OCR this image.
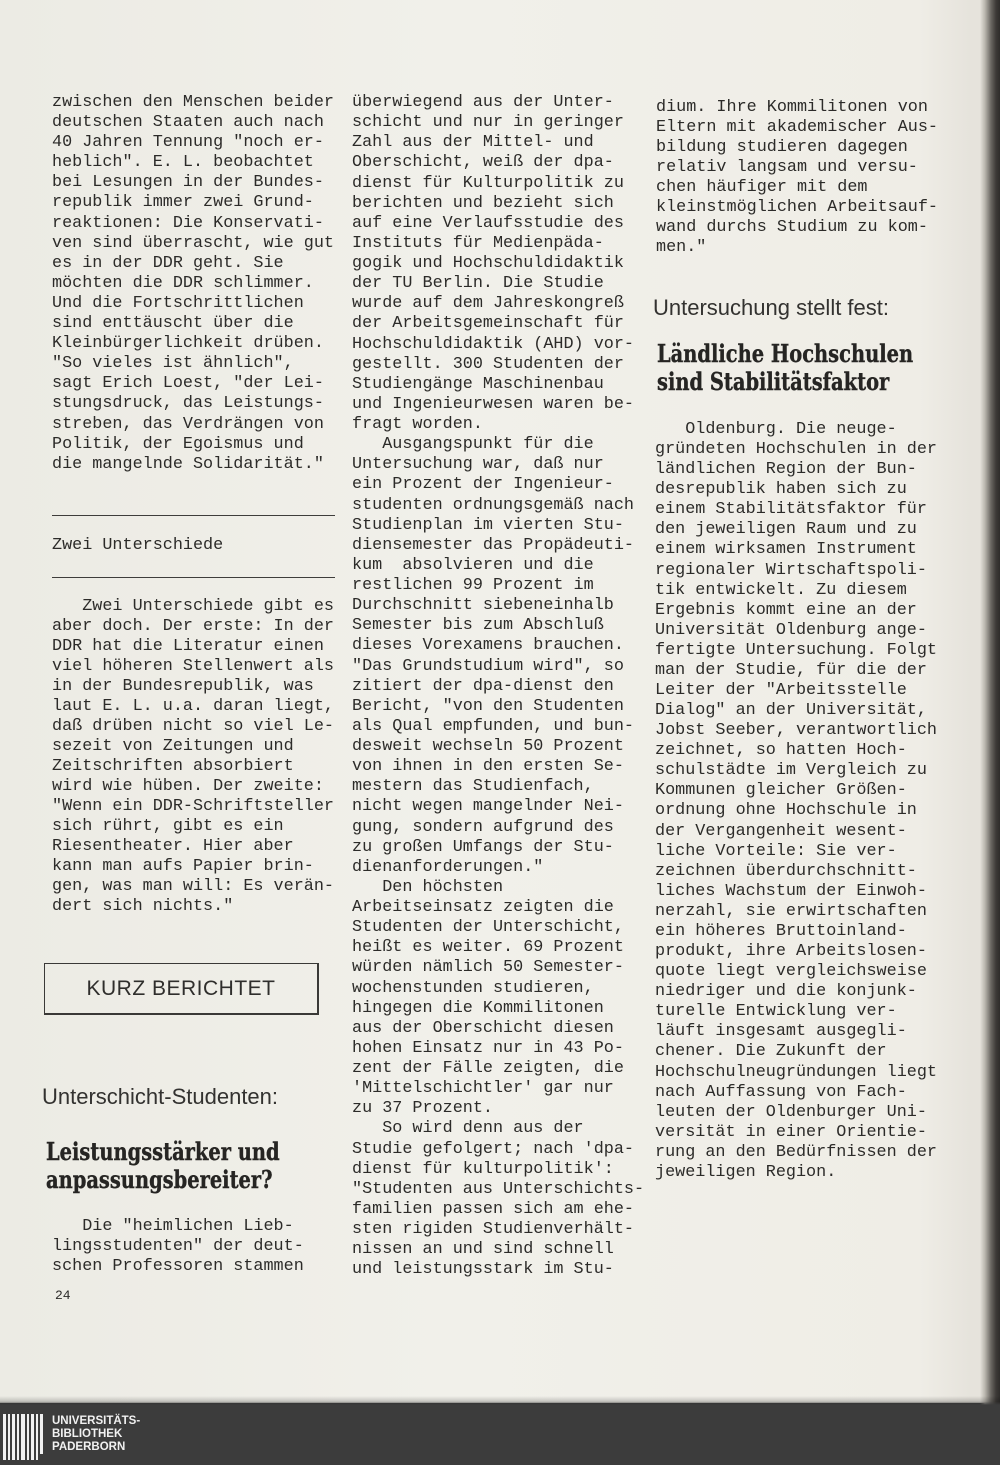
zwischen den Menschen beider
deutschen Staaten auch nach
40 Jahren Tennung "noch er-
heblich". E. L. beobachtet
bei Lesungen in der Bundes-
republik immer zwei Grund-
reaktionen: Die Konservati-
ven sind überrascht, wie gut
es in der DDR geht. Sie
möchten die DDR schlimmer.
Und die Fortschrittlichen
sind enttäuscht über die
Kleinbürgerlichkeit drüben.
"So vieles ist ähnlich",
sagt Erich Loest, "der Lei-
stungsdruck, das Leistungs-
streben, das Verdrängen von
Politik, der Egoismus und
die mangelnde Solidarität."
Zwei Unterschiede
Zwei Unterschiede gibt es
aber doch. Der erste: In der
DDR hat die Literatur einen
viel höheren Stellenwert als
in der Bundesrepublik, was
laut E. L. u.a. daran liegt,
daß drüben nicht so viel Le-
sezeit von Zeitungen und
Zeitschriften absorbiert
wird wie hüben. Der zweite:
"Wenn ein DDR-Schriftsteller
sich rührt, gibt es ein
Riesentheater. Hier aber
kann man aufs Papier brin-
gen, was man will: Es verän-
dert sich nichts."
KURZ BERICHTET
Unterschicht-Studenten:
Leistungsstärker und
anpassungsbereiter?
Die "heimlichen Lieb-
lingsstudenten" der deut-
schen Professoren stammen
24
überwiegend aus der Unter-
schicht und nur in geringer
Zahl aus der Mittel- und
Oberschicht, weiß der dpa-
dienst für Kulturpolitik zu
berichten und bezieht sich
auf eine Verlaufsstudie des
Instituts für Medienpäda-
gogik und Hochschuldidaktik
der TU Berlin. Die Studie
wurde auf dem Jahreskongreß
der Arbeitsgemeinschaft für
Hochschuldidaktik (AHD) vor-
gestellt. 300 Studenten der
Studiengänge Maschinenbau
und Ingenieurwesen waren be-
fragt worden.
Ausgangspunkt für die
Untersuchung war, daß nur
ein Prozent der Ingenieur-
studenten ordnungsgemäß nach
Studienplan im vierten Stu-
diensemester das Propädeuti-
kum  absolvieren und die
restlichen 99 Prozent im
Durchschnitt siebeneinhalb
Semester bis zum Abschluß
dieses Vorexamens brauchen.
"Das Grundstudium wird", so
zitiert der dpa-dienst den
Bericht, "von den Studenten
als Qual empfunden, und bun-
desweit wechseln 50 Prozent
von ihnen in den ersten Se-
mestern das Studienfach,
nicht wegen mangelnder Nei-
gung, sondern aufgrund des
zu großen Umfangs der Stu-
dienanforderungen."
Den höchsten
Arbeitseinsatz zeigten die
Studenten der Unterschicht,
heißt es weiter. 69 Prozent
würden nämlich 50 Semester-
wochenstunden studieren,
hingegen die Kommilitonen
aus der Oberschicht diesen
hohen Einsatz nur in 43 Po-
zent der Fälle zeigten, die
'Mittelschichtler' gar nur
zu 37 Prozent.
So wird denn aus der
Studie gefolgert; nach 'dpa-
dienst für kulturpolitik':
"Studenten aus Unterschichts-
familien passen sich am ehe-
sten rigiden Studienverhält-
nissen an und sind schnell
und leistungsstark im Stu-
dium. Ihre Kommilitonen von
Eltern mit akademischer Aus-
bildung studieren dagegen
relativ langsam und versu-
chen häufiger mit dem
kleinstmöglichen Arbeitsauf-
wand durchs Studium zu kom-
men."
Untersuchung stellt fest:
Ländliche Hochschulen
sind Stabilitätsfaktor
Oldenburg. Die neuge-
gründeten Hochschulen in der
ländlichen Region der Bun-
desrepublik haben sich zu
einem Stabilitätsfaktor für
den jeweiligen Raum und zu
einem wirksamen Instrument
regionaler Wirtschaftspoli-
tik entwickelt. Zu diesem
Ergebnis kommt eine an der
Universität Oldenburg ange-
fertigte Untersuchung. Folgt
man der Studie, für die der
Leiter der "Arbeitsstelle
Dialog" an der Universität,
Jobst Seeber, verantwortlich
zeichnet, so hatten Hoch-
schulstädte im Vergleich zu
Kommunen gleicher Größen-
ordnung ohne Hochschule in
der Vergangenheit wesent-
liche Vorteile: Sie ver-
zeichnen überdurchschnitt-
liches Wachstum der Einwoh-
nerzahl, sie erwirtschaften
ein höheres Bruttoinland-
produkt, ihre Arbeitslosen-
quote liegt vergleichsweise
niedriger und die konjunk-
turelle Entwicklung ver-
läuft insgesamt ausgegli-
chener. Die Zukunft der
Hochschulneugründungen liegt
nach Auffassung von Fach-
leuten der Oldenburger Uni-
versität in einer Orientie-
rung an den Bedürfnissen der
jeweiligen Region.
UNIVERSITÄTS-
BIBLIOTHEK
PADERBORN
